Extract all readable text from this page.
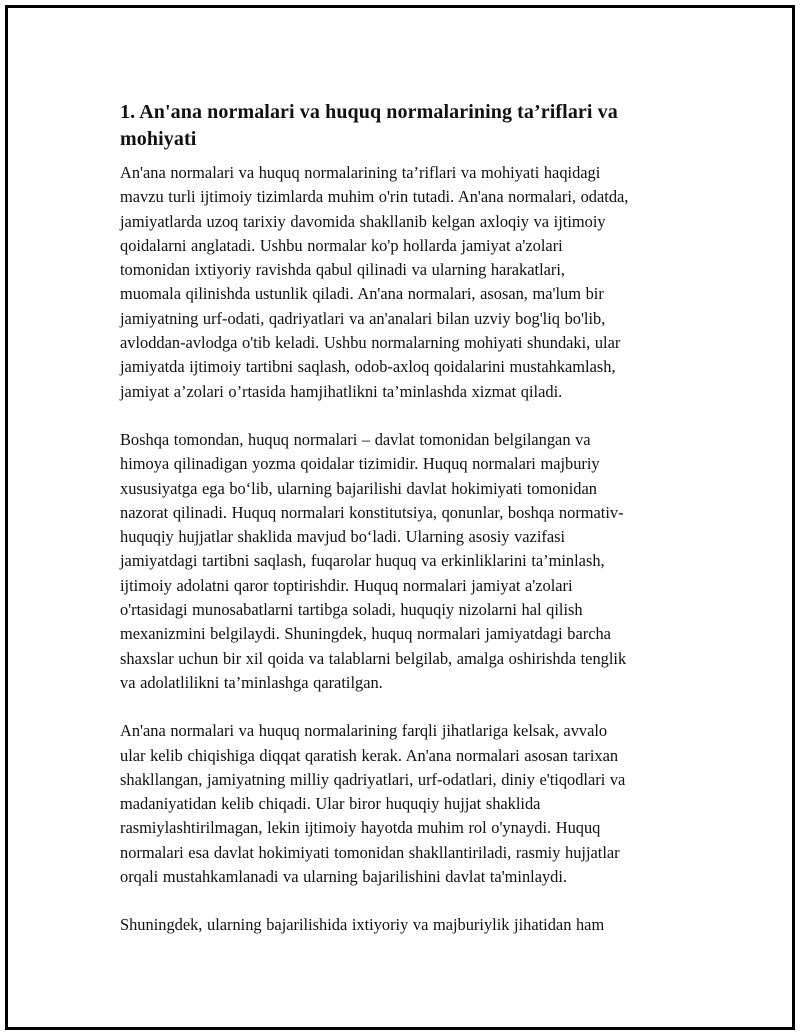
1. An'ana normalari va huquq normalarining ta’riflari va
mohiyati

An'ana normalari va huquq normalarining ta’riflari va mohiyati haqidagi
mavzu turli ijtimoiy tizimlarda muhim o'rin tutadi. An'ana normalari, odatda,
jamiyatlarda uzoq tarixiy davomida shakllanib kelgan axloqiy va ijtimoiy
qoidalarni anglatadi. Ushbu normalar ko'p hollarda jamiyat a'zolari
tomonidan ixtiyoriy ravishda qabul qilinadi va ularning harakatlari,
muomala qilinishda ustunlik qiladi. An'ana normalari, asosan, ma'lum bir
jamiyatning urf-odati, qadriyatlari va an'analari bilan uzviy bog'liq bo'lib,
avloddan-avlodga o'tib keladi. Ushbu normalarning mohiyati shundaki, ular
jamiyatda ijtimoiy tartibni saqlash, odob-axloq qoidalarini mustahkamlash,
jamiyat a’zolari o’rtasida hamjihatlikni ta’minlashda xizmat qiladi.

Boshqa tomondan, huquq normalari – davlat tomonidan belgilangan va
himoya qilinadigan yozma qoidalar tizimidir. Huquq normalari majburiy
xususiyatga ega bo‘lib, ularning bajarilishi davlat hokimiyati tomonidan
nazorat qilinadi. Huquq normalari konstitutsiya, qonunlar, boshqa normativ-
huquqiy hujjatlar shaklida mavjud bo‘ladi. Ularning asosiy vazifasi
jamiyatdagi tartibni saqlash, fuqarolar huquq va erkinliklarini ta’minlash,
ijtimoiy adolatni qaror toptirishdir. Huquq normalari jamiyat a'zolari
o'rtasidagi munosabatlarni tartibga soladi, huquqiy nizolarni hal qilish
mexanizmini belgilaydi. Shuningdek, huquq normalari jamiyatdagi barcha
shaxslar uchun bir xil qoida va talablarni belgilab, amalga oshirishda tenglik
va adolatlilikni ta’minlashga qaratilgan.

An'ana normalari va huquq normalarining farqli jihatlariga kelsak, avvalo
ular kelib chiqishiga diqqat qaratish kerak. An'ana normalari asosan tarixan
shakllangan, jamiyatning milliy qadriyatlari, urf-odatlari, diniy e'tiqodlari va
madaniyatidan kelib chiqadi. Ular biror huquqiy hujjat shaklida
rasmiylashtirilmagan, lekin ijtimoiy hayotda muhim rol o'ynaydi. Huquq
normalari esa davlat hokimiyati tomonidan shakllantiriladi, rasmiy hujjatlar
orqali mustahkamlanadi va ularning bajarilishini davlat ta'minlaydi.

Shuningdek, ularning bajarilishida ixtiyoriy va majburiylik jihatidan ham
